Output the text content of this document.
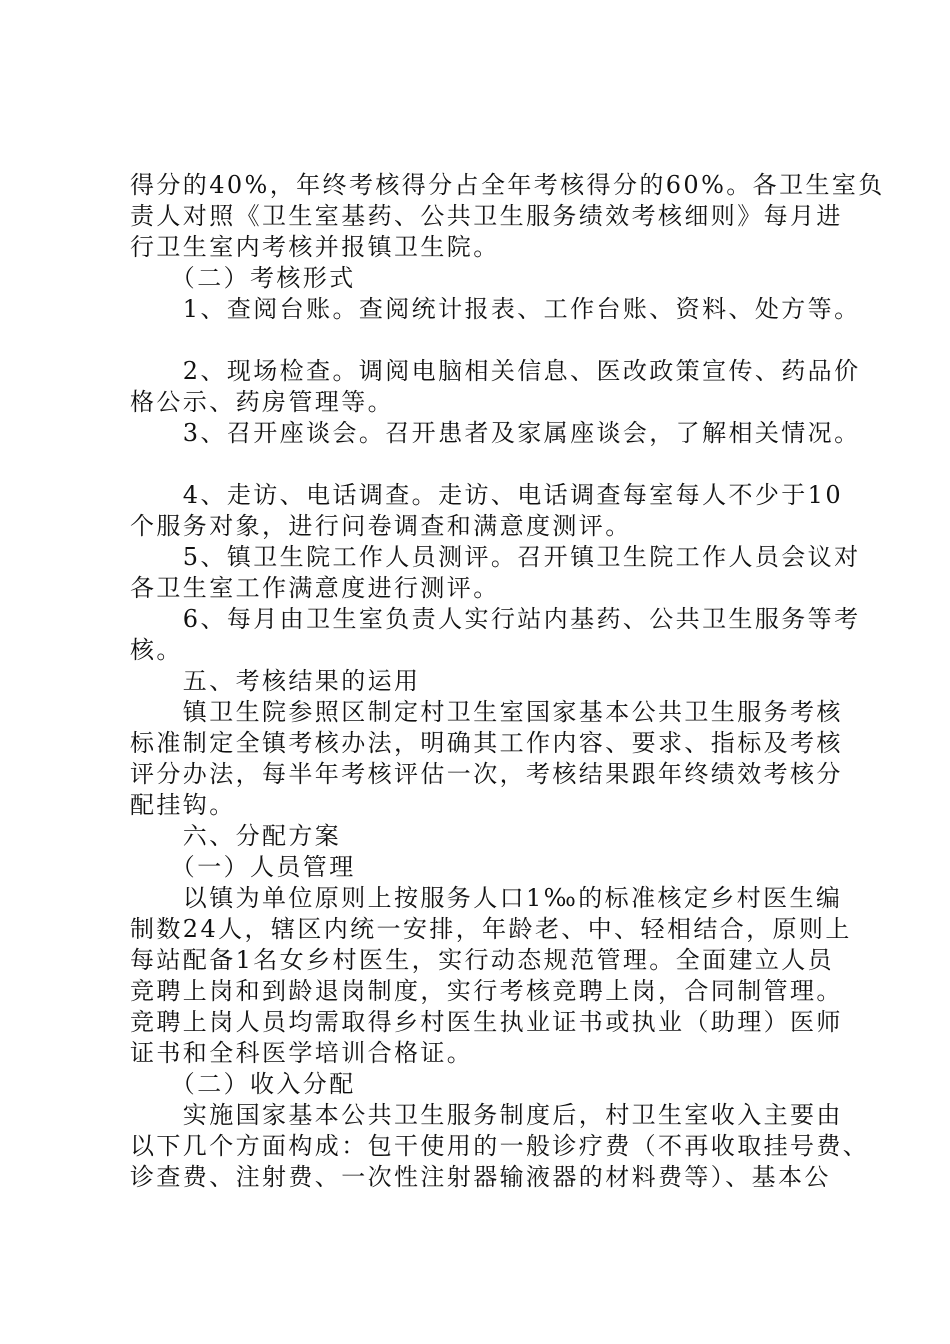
得分的40%，年终考核得分占全年考核得分的60%。各卫生室负
责人对照《卫生室基药、公共卫生服务绩效考核细则》每月进
行卫生室内考核并报镇卫生院。
　　（二）考核形式
　　1、查阅台账。查阅统计报表、工作台账、资料、处方等。
　　2、现场检查。调阅电脑相关信息、医改政策宣传、药品价
格公示、药房管理等。
　　3、召开座谈会。召开患者及家属座谈会，了解相关情况。
　　4、走访、电话调查。走访、电话调查每室每人不少于10
个服务对象，进行问卷调查和满意度测评。
　　5、镇卫生院工作人员测评。召开镇卫生院工作人员会议对
各卫生室工作满意度进行测评。
　　6、每月由卫生室负责人实行站内基药、公共卫生服务等考
核。
　　五、考核结果的运用
　　镇卫生院参照区制定村卫生室国家基本公共卫生服务考核
标准制定全镇考核办法，明确其工作内容、要求、指标及考核
评分办法，每半年考核评估一次，考核结果跟年终绩效考核分
配挂钩。
　　六、分配方案
　　（一）人员管理
　　以镇为单位原则上按服务人口1‰的标准核定乡村医生编
制数24人，辖区内统一安排，年龄老、中、轻相结合，原则上
每站配备1名女乡村医生，实行动态规范管理。全面建立人员
竞聘上岗和到龄退岗制度，实行考核竞聘上岗，合同制管理。
竞聘上岗人员均需取得乡村医生执业证书或执业（助理）医师
证书和全科医学培训合格证。
　　（二）收入分配
　　实施国家基本公共卫生服务制度后，村卫生室收入主要由
以下几个方面构成：包干使用的一般诊疗费（不再收取挂号费、
诊查费、注射费、一次性注射器输液器的材料费等）、基本公
